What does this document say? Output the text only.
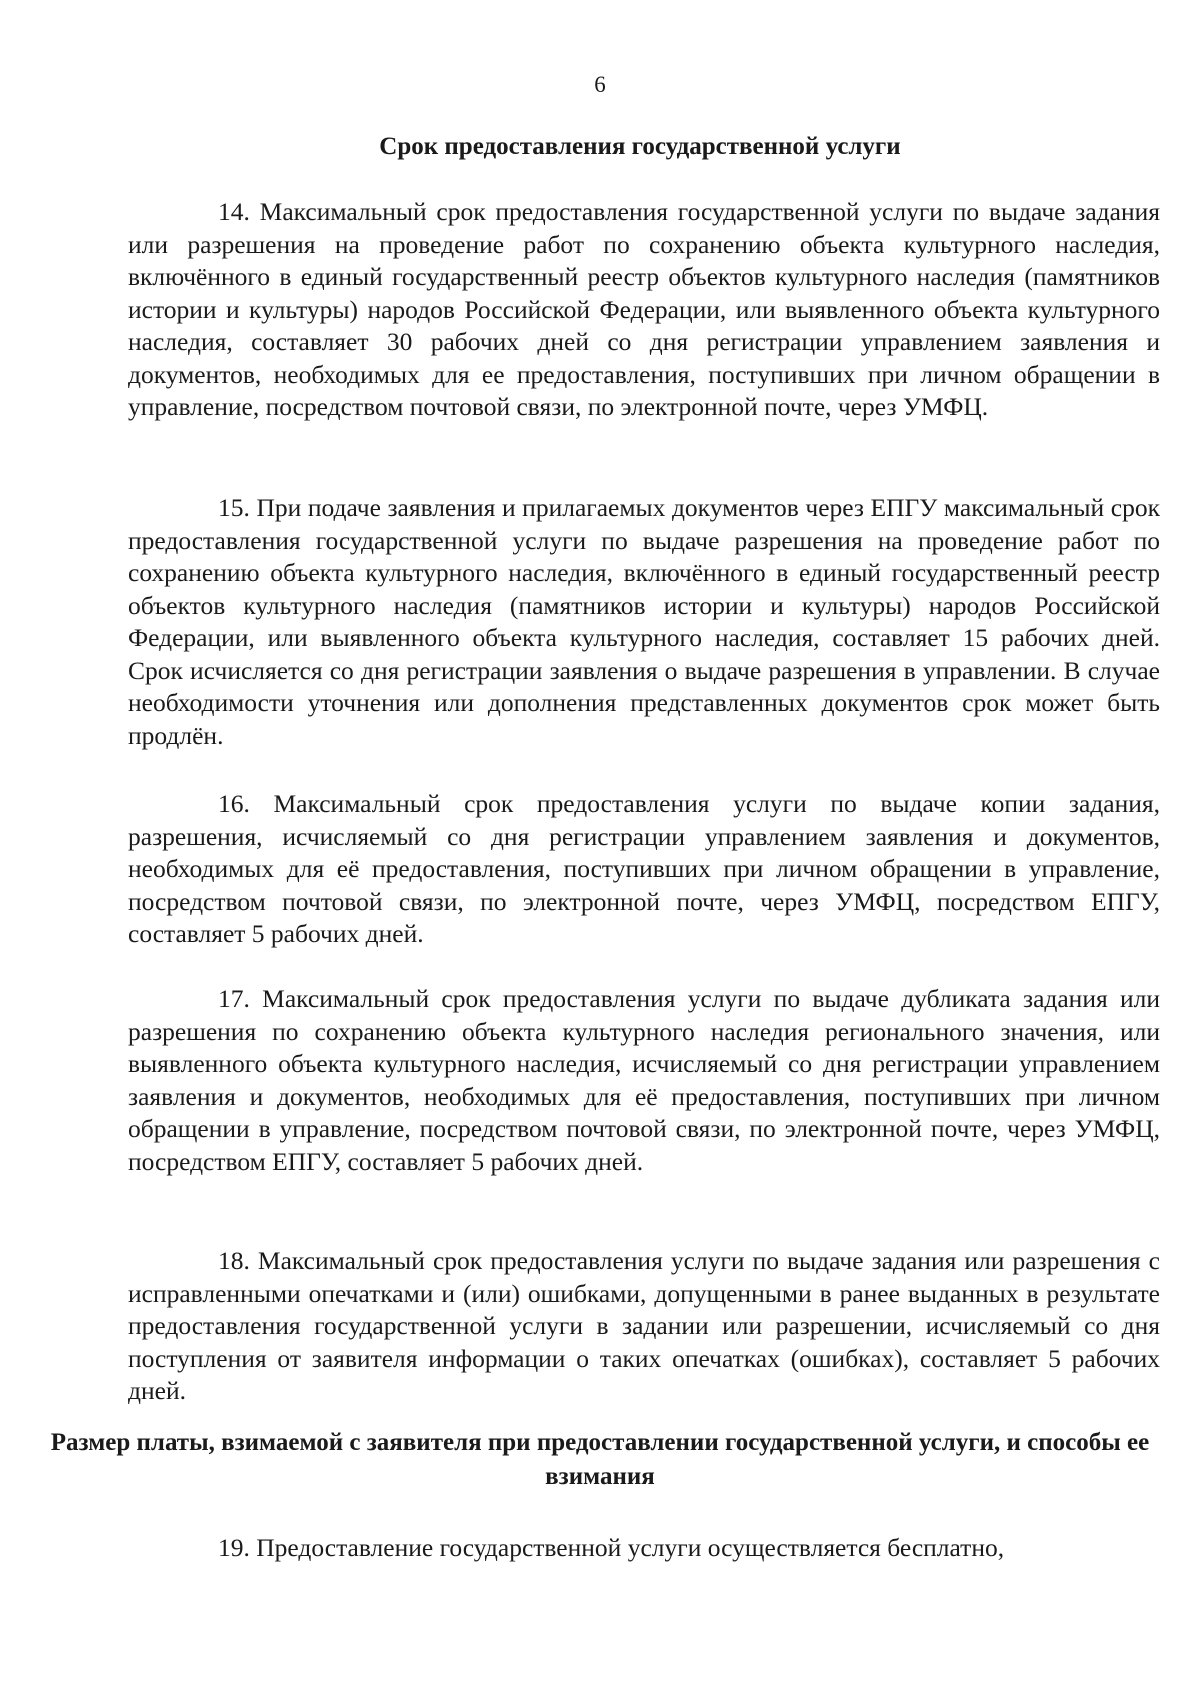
6
Срок предоставления государственной услуги

14. Максимальный срок предоставления государственной услуги по выдаче задания или разрешения на проведение работ по сохранению объекта культурного наследия, включённого в единый государственный реестр объектов культурного наследия (памятников истории и культуры) народов Российской Федерации, или выявленного объекта культурного наследия, составляет 30 рабочих дней со дня регистрации управлением заявления и документов, необходимых для ее предоставления, поступивших при личном обращении в управление, посредством почтовой связи, по электронной почте, через УМФЦ.

15. При подаче заявления и прилагаемых документов через ЕПГУ максимальный срок предоставления государственной услуги по выдаче разрешения на проведение работ по сохранению объекта культурного наследия, включённого в единый государственный реестр объектов культурного наследия (памятников истории и культуры) народов Российской Федерации, или выявленного объекта культурного наследия, составляет 15 рабочих дней. Срок исчисляется со дня регистрации заявления о выдаче разрешения в управлении. В случае необходимости уточнения или дополнения представленных документов срок может быть продлён.

16. Максимальный срок предоставления услуги по выдаче копии задания, разрешения, исчисляемый со дня регистрации управлением заявления и документов, необходимых для её предоставления, поступивших при личном обращении в управление, посредством почтовой связи, по электронной почте, через УМФЦ, посредством ЕПГУ, составляет 5 рабочих дней.

17. Максимальный срок предоставления услуги по выдаче дубликата задания или разрешения по сохранению объекта культурного наследия регионального значения, или выявленного объекта культурного наследия, исчисляемый со дня регистрации управлением заявления и документов, необходимых для её предоставления, поступивших при личном обращении в управление, посредством почтовой связи, по электронной почте, через УМФЦ, посредством ЕПГУ, составляет 5 рабочих дней.

18. Максимальный срок предоставления услуги по выдаче задания или разрешения с исправленными опечатками и (или) ошибками, допущенными в ранее выданных в результате предоставления государственной услуги в задании или разрешении, исчисляемый со дня поступления от заявителя информации о таких опечатках (ошибках), составляет 5 рабочих дней.

Размер платы, взимаемой с заявителя при предоставлении государственной услуги, и способы ее взимания

19. Предоставление государственной услуги осуществляется бесплатно,
